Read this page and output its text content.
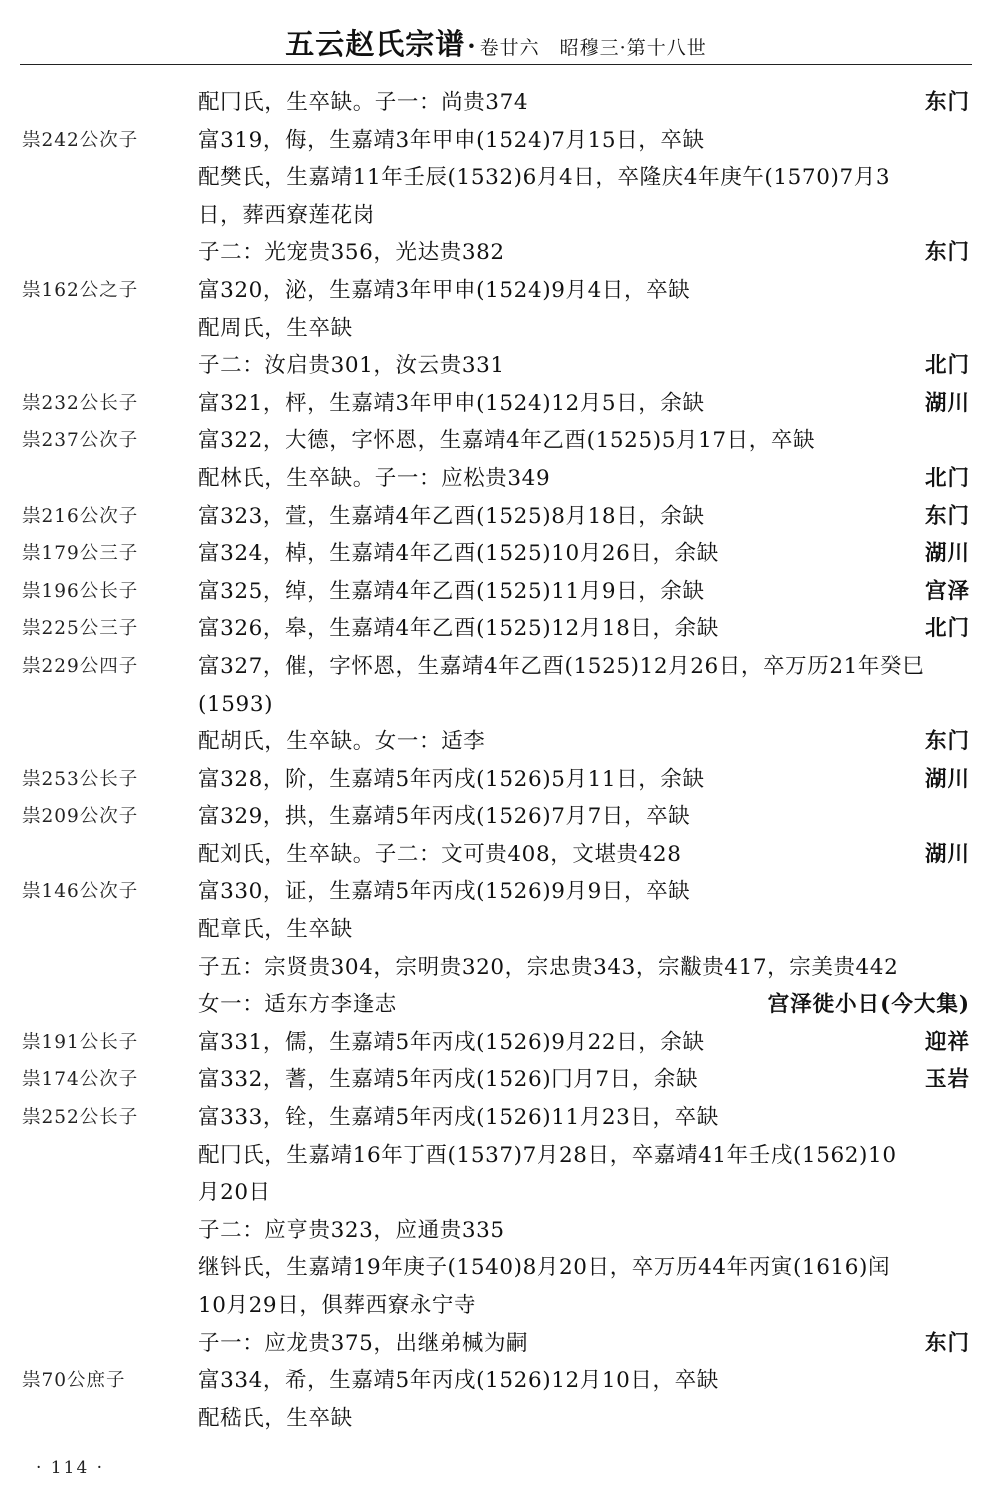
五云赵氏宗谱· 卷廿六　昭穆三·第十八世
配冂氏，生卒缺。子一：尚贵374	东门
祟242公次子	富319，侮，生嘉靖3年甲申(1524)7月15日，卒缺
配樊氏，生嘉靖11年壬辰(1532)6月4日，卒隆庆4年庚午(1570)7月3
日，葬西寮莲花岗
子二：光宠贵356，光达贵382	东门
祟162公之子	富320，泌，生嘉靖3年甲申(1524)9月4日，卒缺
配周氏，生卒缺
子二：汝启贵301，汝云贵331	北门
祟232公长子	富321，枰，生嘉靖3年甲申(1524)12月5日，余缺	湖川
祟237公次子	富322，大德，字怀恩，生嘉靖4年乙酉(1525)5月17日，卒缺
配林氏，生卒缺。子一：应松贵349	北门
祟216公次子	富323，萱，生嘉靖4年乙酉(1525)8月18日，余缺	东门
祟179公三子	富324，棹，生嘉靖4年乙酉(1525)10月26日，余缺	湖川
祟196公长子	富325，绰，生嘉靖4年乙酉(1525)11月9日，余缺	宫泽
祟225公三子	富326，皋，生嘉靖4年乙酉(1525)12月18日，余缺	北门
祟229公四子	富327，催，字怀恩，生嘉靖4年乙酉(1525)12月26日，卒万历21年癸巳
(1593)
配胡氏，生卒缺。女一：适李	东门
祟253公长子	富328，阶，生嘉靖5年丙戌(1526)5月11日，余缺	湖川
祟209公次子	富329，拱，生嘉靖5年丙戌(1526)7月7日，卒缺
配刘氏，生卒缺。子二：文可贵408，文堪贵428	湖川
祟146公次子	富330，证，生嘉靖5年丙戌(1526)9月9日，卒缺
配章氏，生卒缺
子五：宗贤贵304，宗明贵320，宗忠贵343，宗黻贵417，宗美贵442
女一：适东方李逢志	宫泽徙小日(今大集)
祟191公长子	富331，儒，生嘉靖5年丙戌(1526)9月22日，余缺	迎祥
祟174公次子	富332，蓍，生嘉靖5年丙戌(1526)冂月7日，余缺	玉岩
祟252公长子	富333，铨，生嘉靖5年丙戌(1526)11月23日，卒缺
配冂氏，生嘉靖16年丁酉(1537)7月28日，卒嘉靖41年壬戌(1562)10
月20日
子二：应亨贵323，应通贵335
继钭氏，生嘉靖19年庚子(1540)8月20日，卒万历44年丙寅(1616)闰
10月29日，俱葬西寮永宁寺
子一：应龙贵375，出继弟椷为嗣	东门
祟70公庶子	富334，希，生嘉靖5年丙戌(1526)12月10日，卒缺
配嵇氏，生卒缺
· 114 ·
